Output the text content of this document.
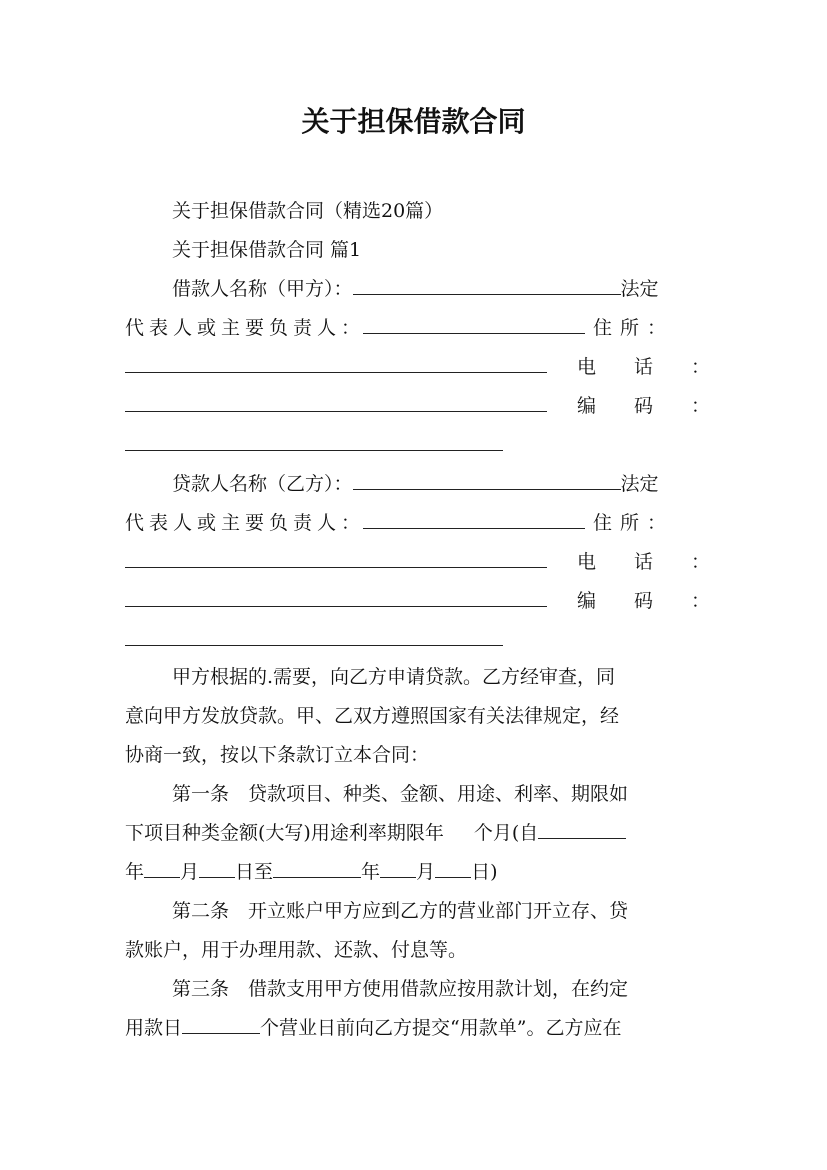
关于担保借款合同
关于担保借款合同（精选20篇）
关于担保借款合同 篇1
借款人名称（甲方）：	法定
代表人或主要负责人：	住所：
电话：
编码：
贷款人名称（乙方）：	法定
代表人或主要负责人：	住所：
电话：
编码：
甲方根据的.需要，向乙方申请贷款。乙方经审查，同
意向甲方发放贷款。甲、乙双方遵照国家有关法律规定，经
协商一致，按以下条款订立本合同：
第一条　贷款项目、种类、金额、用途、利率、期限如
下项目种类金额(大写)用途利率期限年 个月(自
年 月 日至	年 月 日)
第二条　开立账户甲方应到乙方的营业部门开立存、贷
款账户，用于办理用款、还款、付息等。
第三条　借款支用甲方使用借款应按用款计划，在约定
用款日	个营业日前向乙方提交“用款单”。乙方应在
